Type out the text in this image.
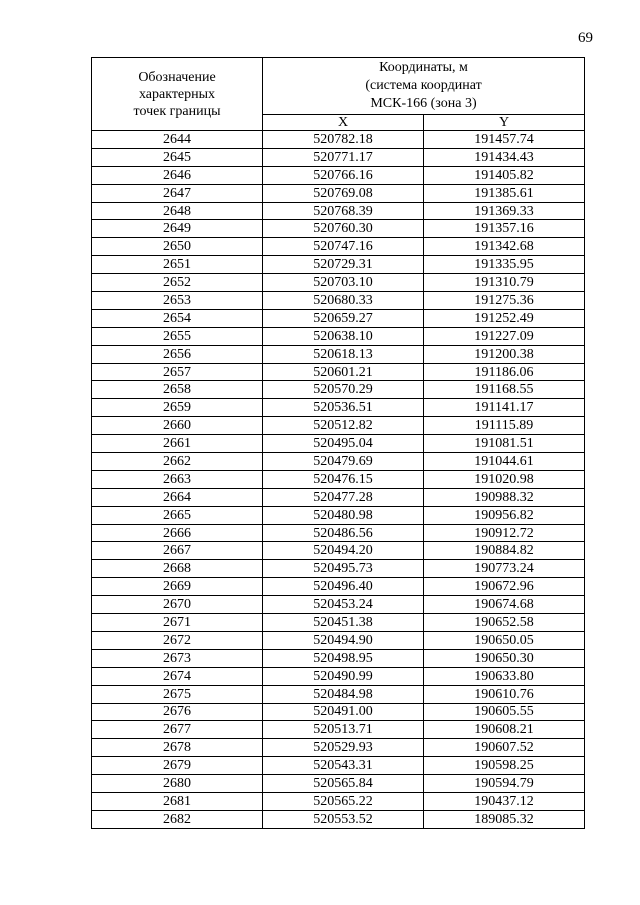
69
Обозначение
характерных
точек границы	Координаты, м
(система координат
МСК-166 (зона 3)	

	X	Y
2644	520782.18	191457.74
2645	520771.17	191434.43
2646	520766.16	191405.82
2647	520769.08	191385.61
2648	520768.39	191369.33
2649	520760.30	191357.16
2650	520747.16	191342.68
2651	520729.31	191335.95
2652	520703.10	191310.79
2653	520680.33	191275.36
2654	520659.27	191252.49
2655	520638.10	191227.09
2656	520618.13	191200.38
2657	520601.21	191186.06
2658	520570.29	191168.55
2659	520536.51	191141.17
2660	520512.82	191115.89
2661	520495.04	191081.51
2662	520479.69	191044.61
2663	520476.15	191020.98
2664	520477.28	190988.32
2665	520480.98	190956.82
2666	520486.56	190912.72
2667	520494.20	190884.82
2668	520495.73	190773.24
2669	520496.40	190672.96
2670	520453.24	190674.68
2671	520451.38	190652.58
2672	520494.90	190650.05
2673	520498.95	190650.30
2674	520490.99	190633.80
2675	520484.98	190610.76
2676	520491.00	190605.55
2677	520513.71	190608.21
2678	520529.93	190607.52
2679	520543.31	190598.25
2680	520565.84	190594.79
2681	520565.22	190437.12
2682	520553.52	189085.32
